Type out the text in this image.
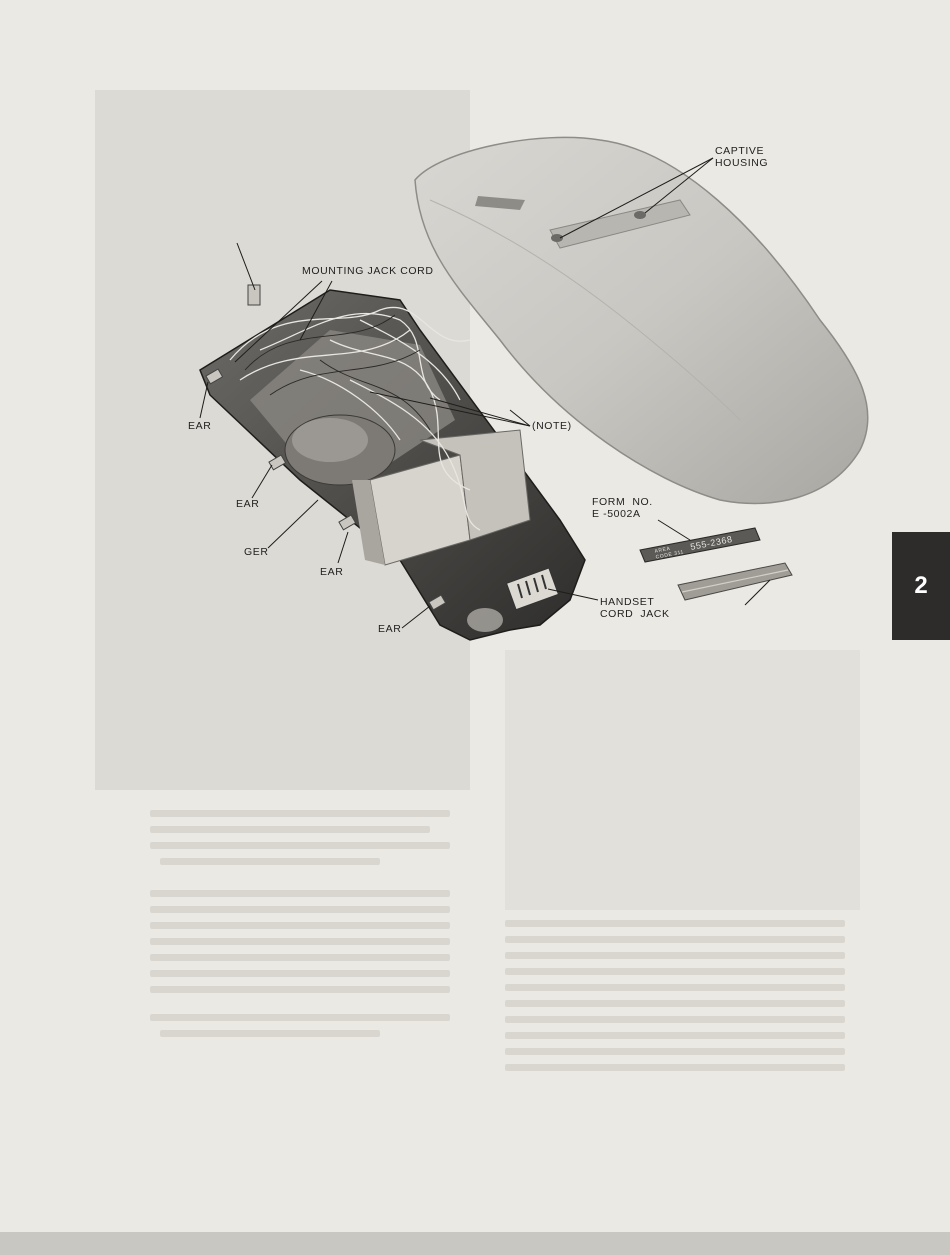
CAPTIVE
HOUSING
MOUNTING JACK CORD
EAR	(NOTE)
EAR
GER
EAR
EAR
FORM  NO.
E -5002A
HANDSET
CORD  JACK
AREA
CODE 311
555-2368
2
